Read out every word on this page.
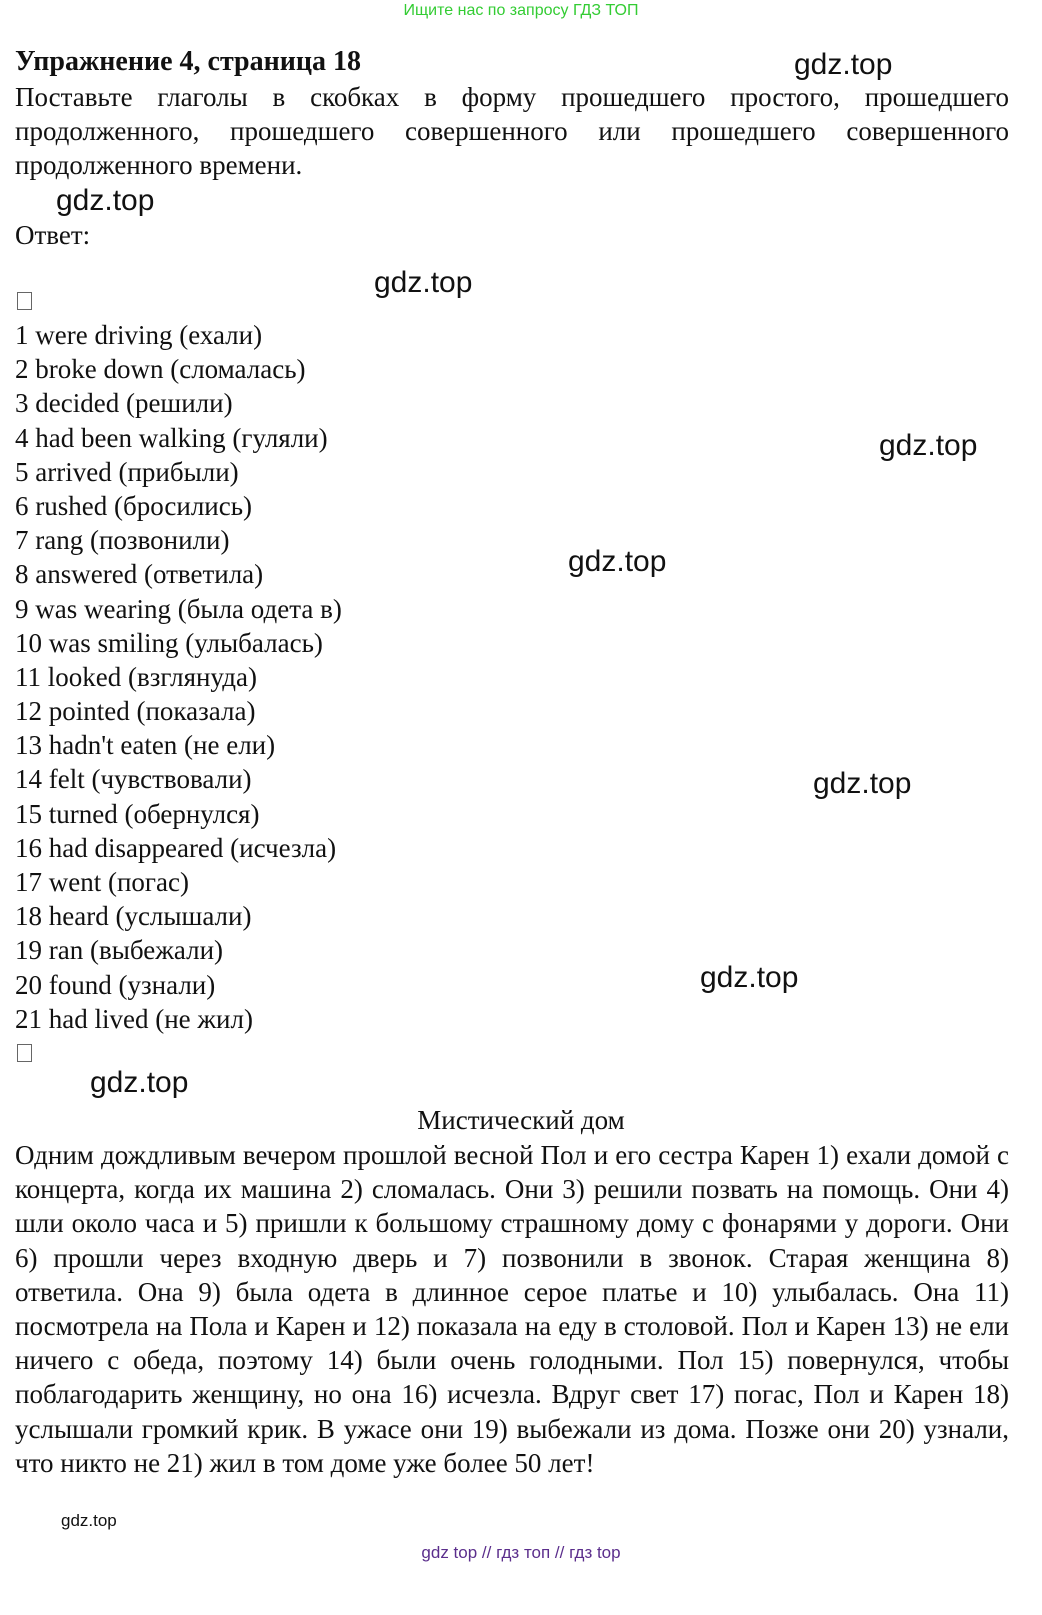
Ищите нас по запросу ГДЗ ТОП
Упражнение 4, страница 18

Поставьте глаголы в скобках в форму прошедшего простого, прошедшего продолженного, прошедшего совершенного или прошедшего совершенного продолженного времени.

Ответ:
1 were driving (ехали)
2 broke down (сломалась)
3 decided (решили)
4 had been walking (гуляли)
5 arrived (прибыли)
6 rushed (бросились)
7 rang (позвонили)
8 answered (ответила)
9 was wearing (была одета в)
10 was smiling (улыбалась)
11 looked (взглянуда)
12 pointed (показала)
13 hadn't eaten (не ели)
14 felt (чувствовали)
15 turned (обернулся)
16 had disappeared (исчезла)
17 went (погас)
18 heard (услышали)
19 ran (выбежали)
20 found (узнали)
21 had lived (не жил)
Мистический дом

Одним дождливым вечером прошлой весной Пол и его сестра Карен 1) ехали домой с концерта, когда их машина 2) сломалась. Они 3) решили позвать на помощь. Они 4) шли около часа и 5) пришли к большому страшному дому с фонарями у дороги. Они 6) прошли через входную дверь и 7) позвонили в звонок. Старая женщина 8) ответила. Она 9) была одета в длинное серое платье и 10) улыбалась. Она 11) посмотрела на Пола и Карен и 12) показала на еду в столовой. Пол и Карен 13) не ели ничего с обеда, поэтому 14) были очень голодными. Пол 15) повернулся, чтобы поблагодарить женщину, но она 16) исчезла. Вдруг свет 17) погас, Пол и Карен 18) услышали громкий крик. В ужасе они 19) выбежали из дома. Позже они 20) узнали, что никто не 21) жил в том доме уже более 50 лет!

gdz.top
gdz.top
gdz.top
gdz.top
gdz.top
gdz.top
gdz.top
gdz.top
gdz.top
gdz top // гдз топ // гдз top
